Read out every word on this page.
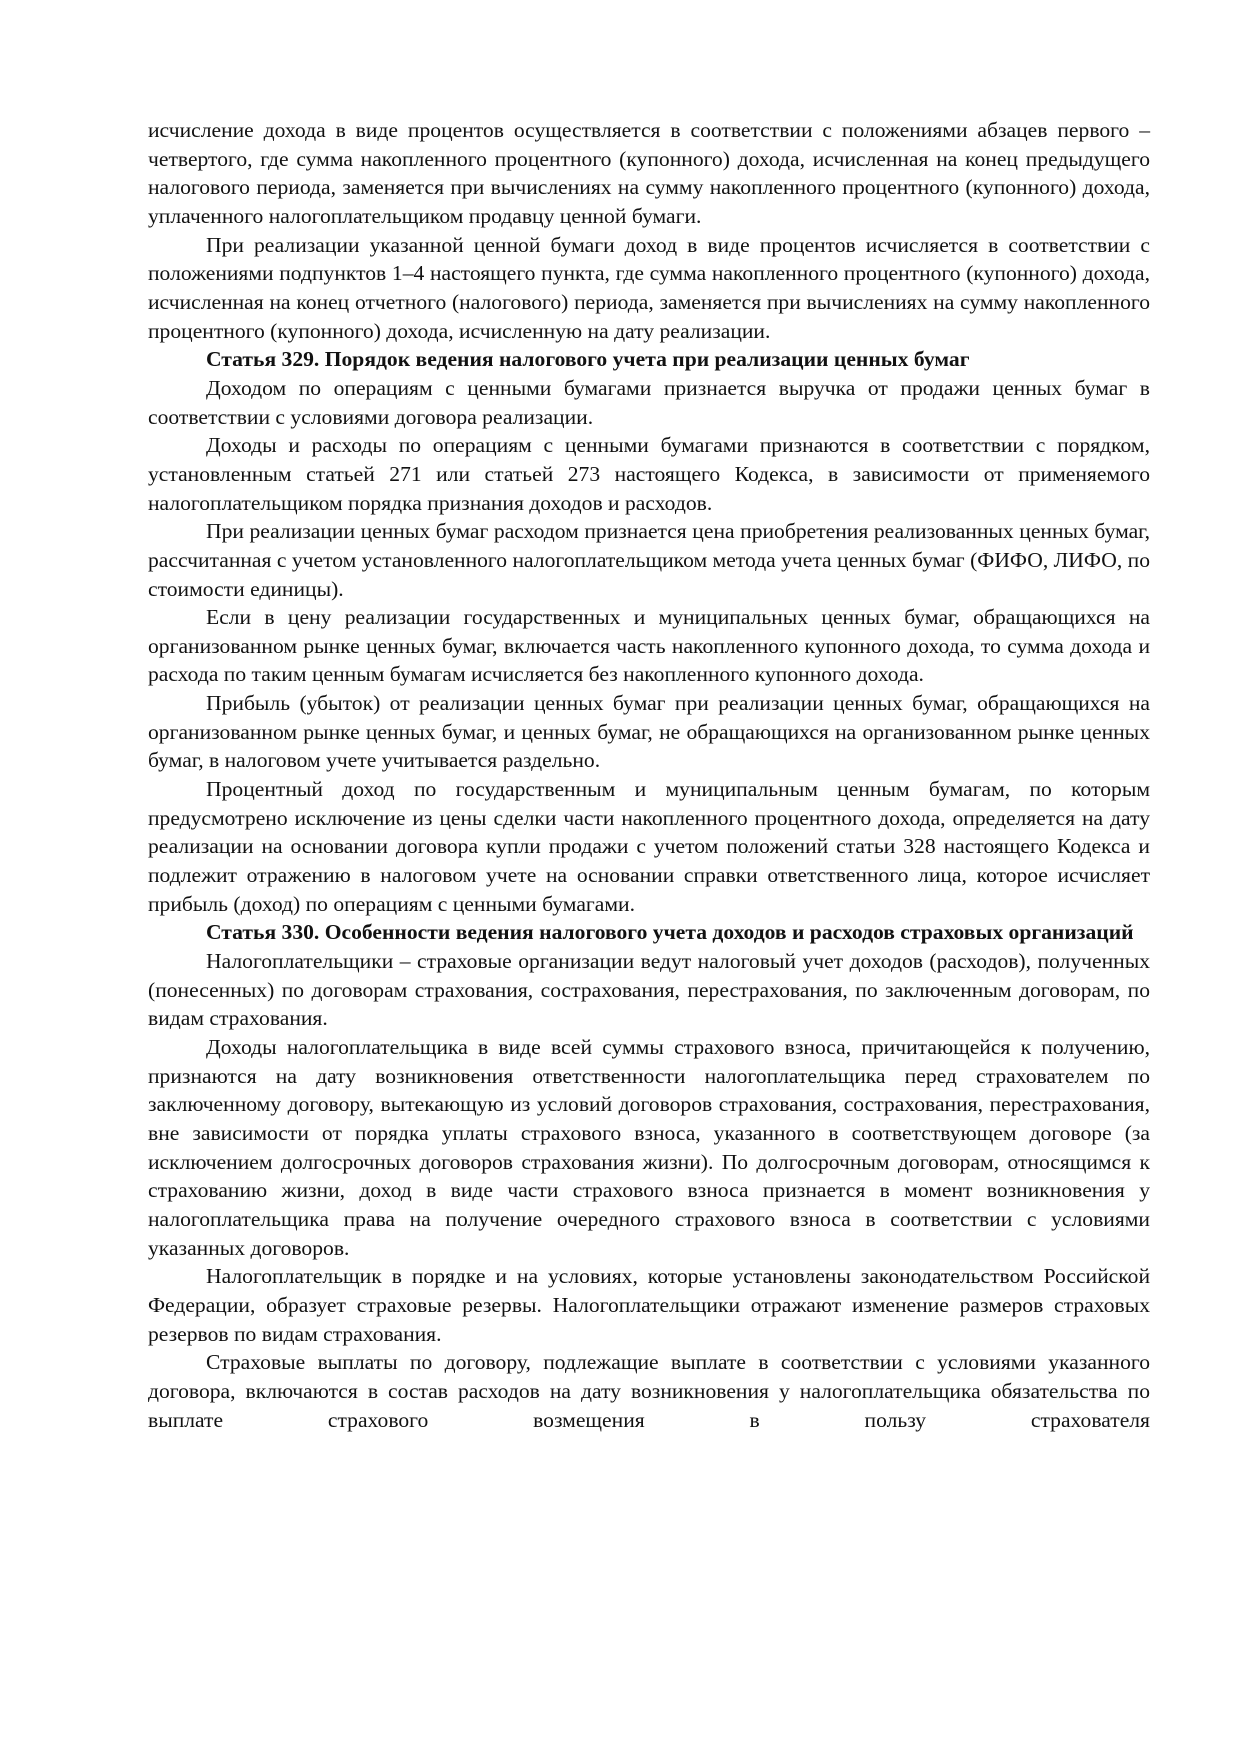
исчисление дохода в виде процентов осуществляется в соответствии с положениями абзацев первого – четвертого, где сумма накопленного процентного (купонного) дохода, исчисленная на конец предыдущего налогового периода, заменяется при вычислениях на сумму накопленного процентного (купонного) дохода, уплаченного налогоплательщиком продавцу ценной бумаги.

При реализации указанной ценной бумаги доход в виде процентов исчисляется в соответствии с положениями подпунктов 1–4 настоящего пункта, где сумма накопленного процентного (купонного) дохода, исчисленная на конец отчетного (налогового) периода, заменяется при вычислениях на сумму накопленного процентного (купонного) дохода, исчисленную на дату реализации.

Статья 329. Порядок ведения налогового учета при реализации ценных бумаг

Доходом по операциям с ценными бумагами признается выручка от продажи ценных бумаг в соответствии с условиями договора реализации.

Доходы и расходы по операциям с ценными бумагами признаются в соответствии с порядком, установленным статьей 271 или статьей 273 настоящего Кодекса, в зависимости от применяемого налогоплательщиком порядка признания доходов и расходов.

При реализации ценных бумаг расходом признается цена приобретения реализованных ценных бумаг, рассчитанная с учетом установленного налогоплательщиком метода учета ценных бумаг (ФИФО, ЛИФО, по стоимости единицы).

Если в цену реализации государственных и муниципальных ценных бумаг, обращающихся на организованном рынке ценных бумаг, включается часть накопленного купонного дохода, то сумма дохода и расхода по таким ценным бумагам исчисляется без накопленного купонного дохода.

Прибыль (убыток) от реализации ценных бумаг при реализации ценных бумаг, обращающихся на организованном рынке ценных бумаг, и ценных бумаг, не обращающихся на организованном рынке ценных бумаг, в налоговом учете учитывается раздельно.

Процентный доход по государственным и муниципальным ценным бумагам, по которым предусмотрено исключение из цены сделки части накопленного процентного дохода, определяется на дату реализации на основании договора купли продажи с учетом положений статьи 328 настоящего Кодекса и подлежит отражению в налоговом учете на основании справки ответственного лица, которое исчисляет прибыль (доход) по операциям с ценными бумагами.

Статья 330. Особенности ведения налогового учета доходов и расходов страховых организаций

Налогоплательщики – страховые организации ведут налоговый учет доходов (расходов), полученных (понесенных) по договорам страхования, сострахования, перестрахования, по заключенным договорам, по видам страхования.

Доходы налогоплательщика в виде всей суммы страхового взноса, причитающейся к получению, признаются на дату возникновения ответственности налогоплательщика перед страхователем по заключенному договору, вытекающую из условий договоров страхования, сострахования, перестрахования, вне зависимости от порядка уплаты страхового взноса, указанного в соответствующем договоре (за исключением долгосрочных договоров страхования жизни). По долгосрочным договорам, относящимся к страхованию жизни, доход в виде части страхового взноса признается в момент возникновения у налогоплательщика права на получение очередного страхового взноса в соответствии с условиями указанных договоров.

Налогоплательщик в порядке и на условиях, которые установлены законодательством Российской Федерации, образует страховые резервы. Налогоплательщики отражают изменение размеров страховых резервов по видам страхования.

Страховые выплаты по договору, подлежащие выплате в соответствии с условиями указанного договора, включаются в состав расходов на дату возникновения у налогоплательщика обязательства по выплате страхового возмещения в пользу страхователя
